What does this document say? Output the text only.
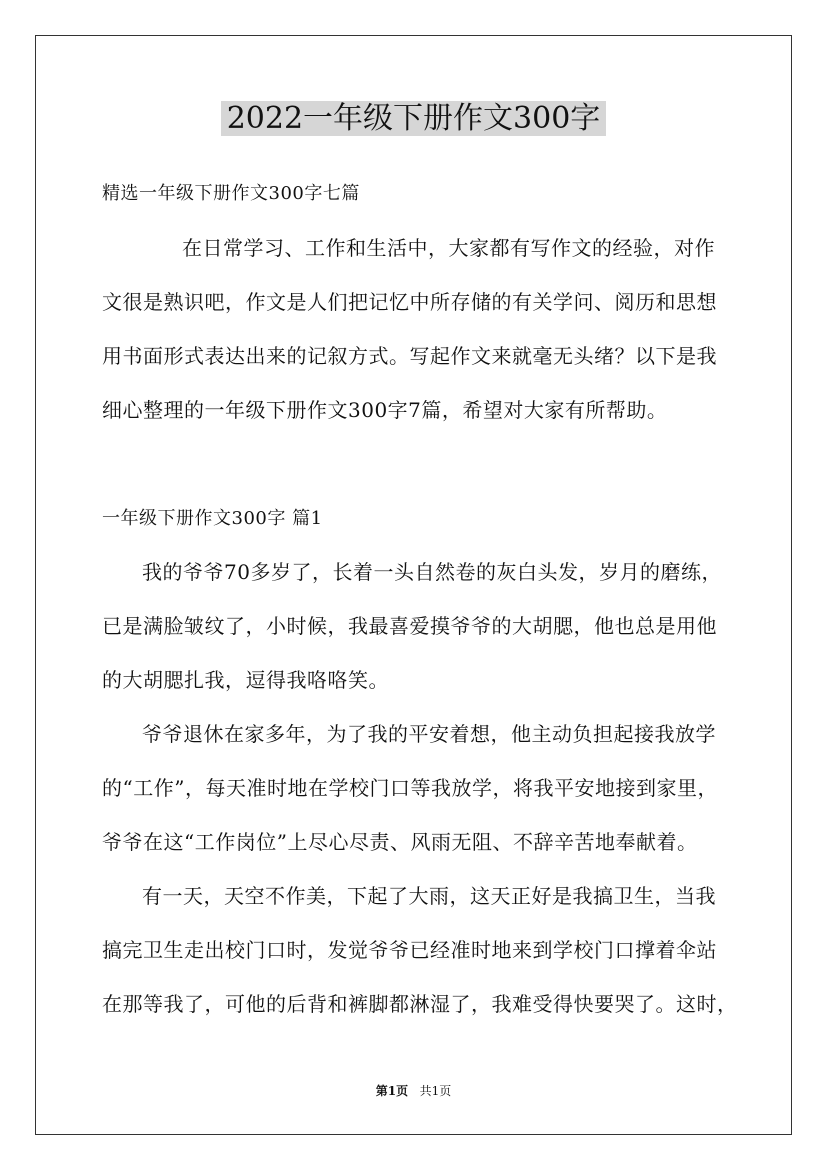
2022一年级下册作文300字
精选一年级下册作文300字七篇
在日常学习、工作和生活中，大家都有写作文的经验，对作
文很是熟识吧，作文是人们把记忆中所存储的有关学问、阅历和思想
用书面形式表达出来的记叙方式。写起作文来就毫无头绪？以下是我
细心整理的一年级下册作文300字7篇，希望对大家有所帮助。
一年级下册作文300字 篇1
我的爷爷70多岁了，长着一头自然卷的灰白头发，岁月的磨练，
已是满脸皱纹了，小时候，我最喜爱摸爷爷的大胡腮，他也总是用他
的大胡腮扎我，逗得我咯咯笑。
爷爷退休在家多年，为了我的平安着想，他主动负担起接我放学
的“工作”，每天准时地在学校门口等我放学，将我平安地接到家里，
爷爷在这“工作岗位”上尽心尽责、风雨无阻、不辞辛苦地奉献着。
有一天，天空不作美，下起了大雨，这天正好是我搞卫生，当我
搞完卫生走出校门口时，发觉爷爷已经准时地来到学校门口撑着伞站
在那等我了，可他的后背和裤脚都淋湿了，我难受得快要哭了。这时，
第1页 共1页
